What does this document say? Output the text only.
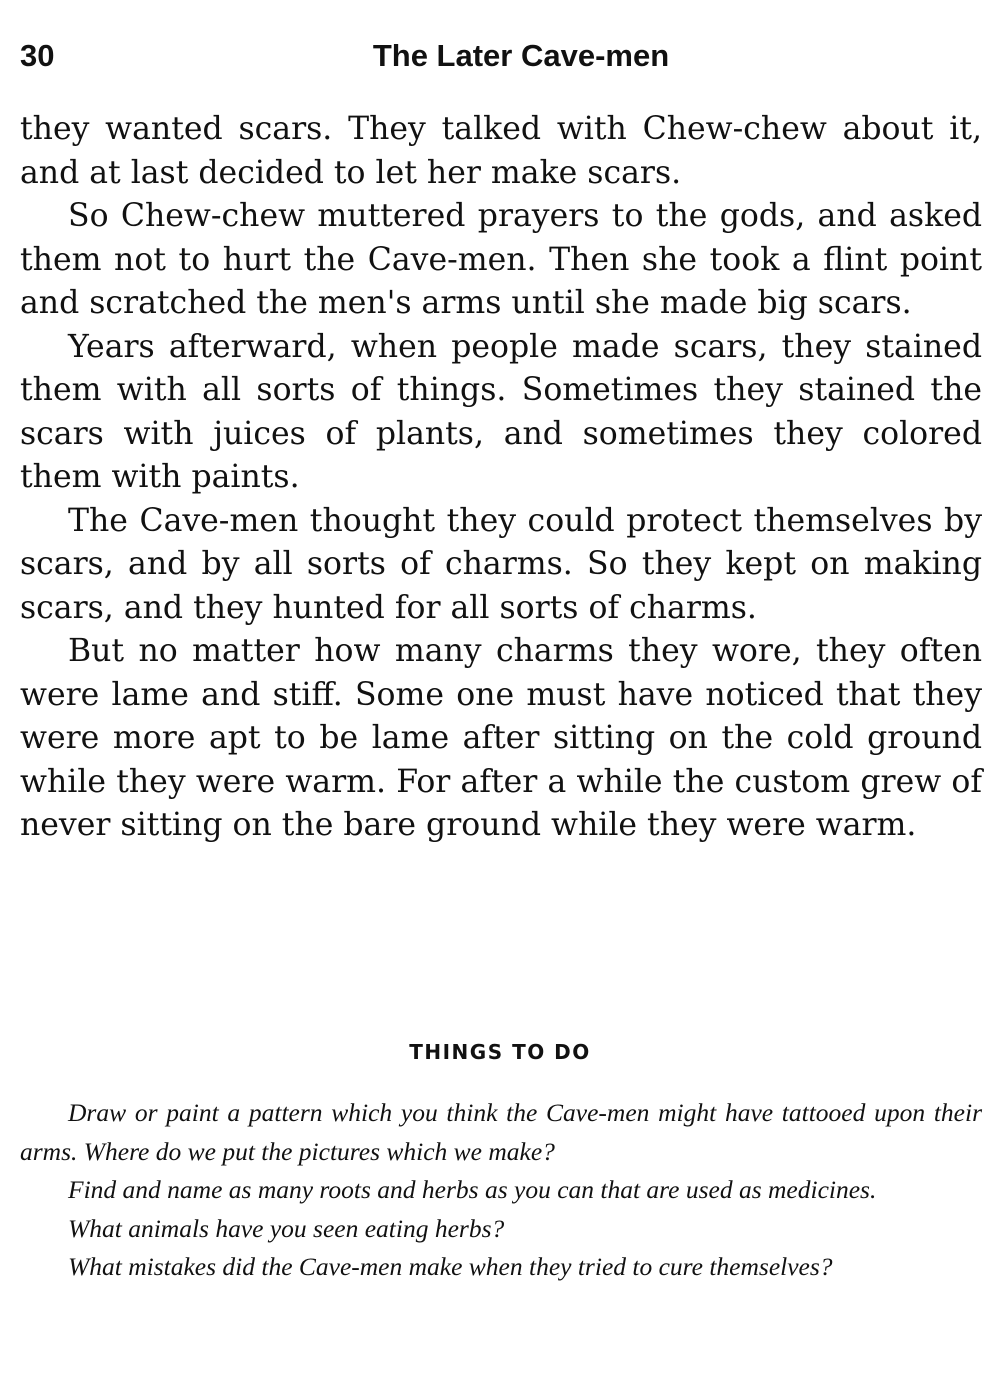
30	The Later Cave-men

they wanted scars. They talked with Chew-chew about it, and at last decided to let her make scars.

So Chew-chew muttered prayers to the gods, and asked them not to hurt the Cave-men. Then she took a flint point and scratched the men's arms until she made big scars.

Years afterward, when people made scars, they stained them with all sorts of things. Sometimes they stained the scars with juices of plants, and sometimes they colored them with paints.

The Cave-men thought they could protect themselves by scars, and by all sorts of charms. So they kept on making scars, and they hunted for all sorts of charms.

But no matter how many charms they wore, they often were lame and stiff. Some one must have noticed that they were more apt to be lame after sitting on the cold ground while they were warm. For after a while the custom grew of never sitting on the bare ground while they were warm.

THINGS TO DO

Draw or paint a pattern which you think the Cave-men might have tattooed upon their arms. Where do we put the pictures which we make?

Find and name as many roots and herbs as you can that are used as medicines.

What animals have you seen eating herbs?

What mistakes did the Cave-men make when they tried to cure themselves?
